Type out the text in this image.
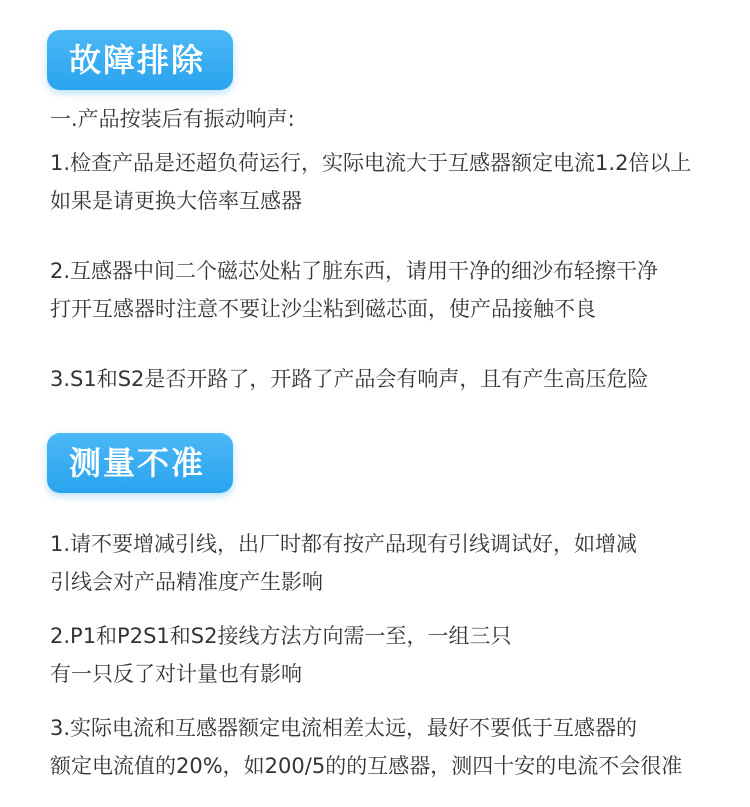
故障排除
一.产品按装后有振动响声:
1.检查产品是还超负荷运行，实际电流大于互感器额定电流1.2倍以上
如果是请更换大倍率互感器
2.互感器中间二个磁芯处粘了脏东西，请用干净的细沙布轻擦干净
打开互感器时注意不要让沙尘粘到磁芯面，使产品接触不良
3.S1和S2是否开路了，开路了产品会有响声，且有产生高压危险
测量不准
1.请不要增减引线，出厂时都有按产品现有引线调试好，如增减
引线会对产品精准度产生影响
2.P1和P2S1和S2接线方法方向需一至，一组三只
有一只反了对计量也有影响
3.实际电流和互感器额定电流相差太远，最好不要低于互感器的
额定电流值的20%，如200/5的的互感器，测四十安的电流不会很准
